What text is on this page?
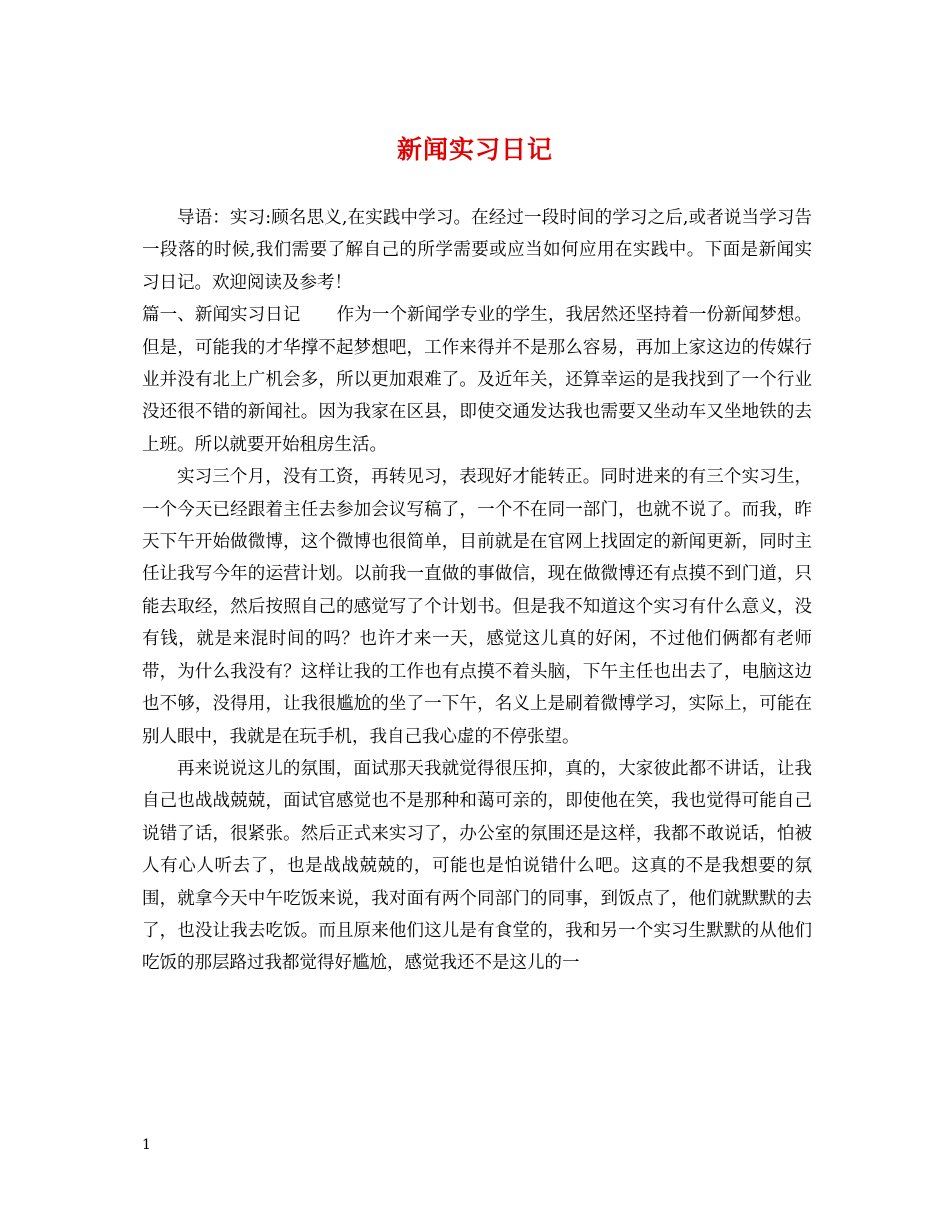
新闻实习日记

导语：实习:顾名思义,在实践中学习。在经过一段时间的学习之后,或者说当学习告一段落的时候,我们需要了解自己的所学需要或应当如何应用在实践中。下面是新闻实习日记。欢迎阅读及参考！

篇一、新闻实习日记 作为一个新闻学专业的学生，我居然还坚持着一份新闻梦想。但是，可能我的才华撑不起梦想吧，工作来得并不是那么容易，再加上家这边的传媒行业并没有北上广机会多，所以更加艰难了。及近年关，还算幸运的是我找到了一个行业没还很不错的新闻社。因为我家在区县，即使交通发达我也需要又坐动车又坐地铁的去上班。所以就要开始租房生活。

实习三个月，没有工资，再转见习，表现好才能转正。同时进来的有三个实习生，一个今天已经跟着主任去参加会议写稿了，一个不在同一部门，也就不说了。而我，昨天下午开始做微博，这个微博也很简单，目前就是在官网上找固定的新闻更新，同时主任让我写今年的运营计划。以前我一直做的事做信，现在做微博还有点摸不到门道，只能去取经，然后按照自己的感觉写了个计划书。但是我不知道这个实习有什么意义，没有钱，就是来混时间的吗？也许才来一天，感觉这儿真的好闲，不过他们俩都有老师带，为什么我没有？这样让我的工作也有点摸不着头脑，下午主任也出去了，电脑这边也不够，没得用，让我很尴尬的坐了一下午，名义上是刷着微博学习，实际上，可能在别人眼中，我就是在玩手机，我自己我心虚的不停张望。

再来说说这儿的氛围，面试那天我就觉得很压抑，真的，大家彼此都不讲话，让我自己也战战兢兢，面试官感觉也不是那种和蔼可亲的，即使他在笑，我也觉得可能自己说错了话，很紧张。然后正式来实习了，办公室的氛围还是这样，我都不敢说话，怕被人有心人听去了，也是战战兢兢的，可能也是怕说错什么吧。这真的不是我想要的氛围，就拿今天中午吃饭来说，我对面有两个同部门的同事，到饭点了，他们就默默的去了，也没让我去吃饭。而且原来他们这儿是有食堂的，我和另一个实习生默默的从他们吃饭的那层路过我都觉得好尴尬，感觉我还不是这儿的一

1
